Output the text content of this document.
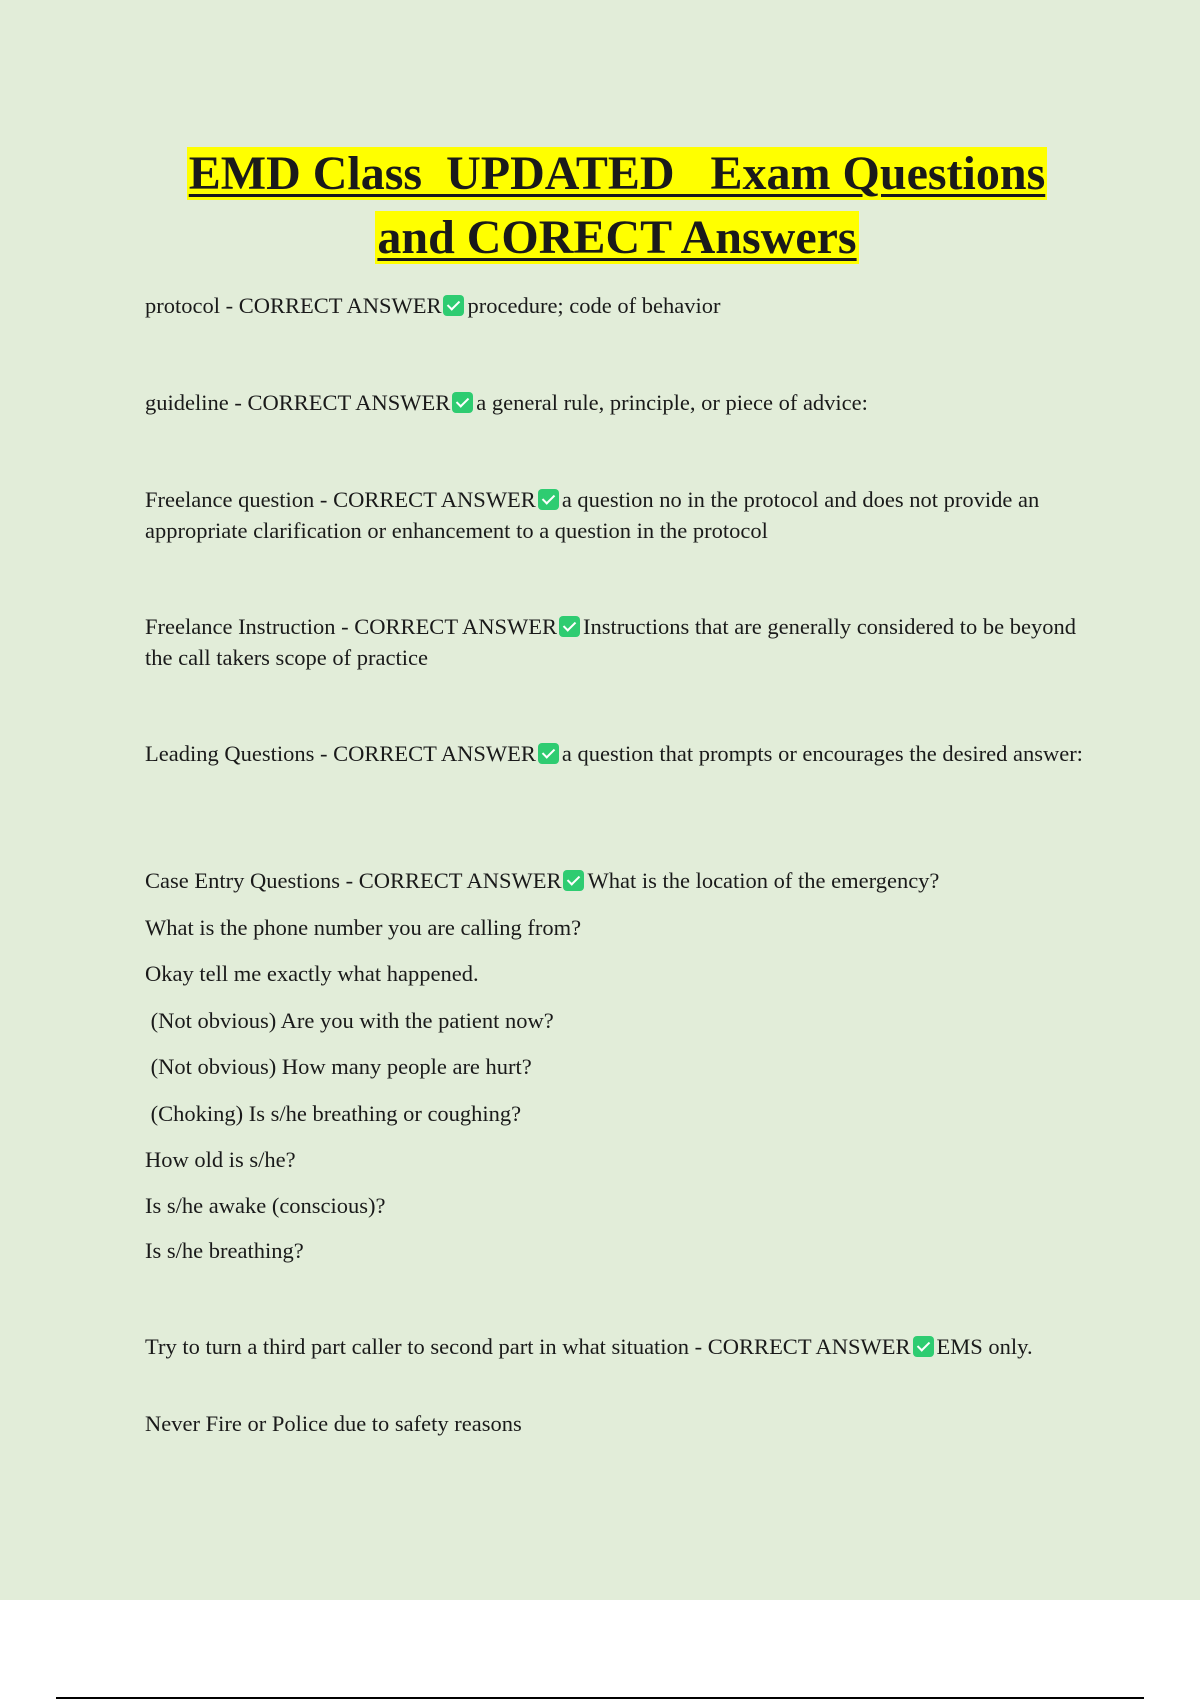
EMD Class  UPDATED   Exam Questions
and CORECT Answers

protocol - CORRECT ANSWER procedure; code of behavior

guideline - CORRECT ANSWER a general rule, principle, or piece of advice:

Freelance question - CORRECT ANSWER a question no in the protocol and does not provide an appropriate clarification or enhancement to a question in the protocol

Freelance Instruction - CORRECT ANSWER Instructions that are generally considered to be beyond the call takers scope of practice

Leading Questions - CORRECT ANSWER a question that prompts or encourages the desired answer:

Case Entry Questions - CORRECT ANSWER What is the location of the emergency?

What is the phone number you are calling from?
Okay tell me exactly what happened.
(Not obvious) Are you with the patient now?
(Not obvious) How many people are hurt?
(Choking) Is s/he breathing or coughing?
How old is s/he?
Is s/he awake (conscious)?
Is s/he breathing?

Try to turn a third part caller to second part in what situation - CORRECT ANSWER EMS only.

Never Fire or Police due to safety reasons
